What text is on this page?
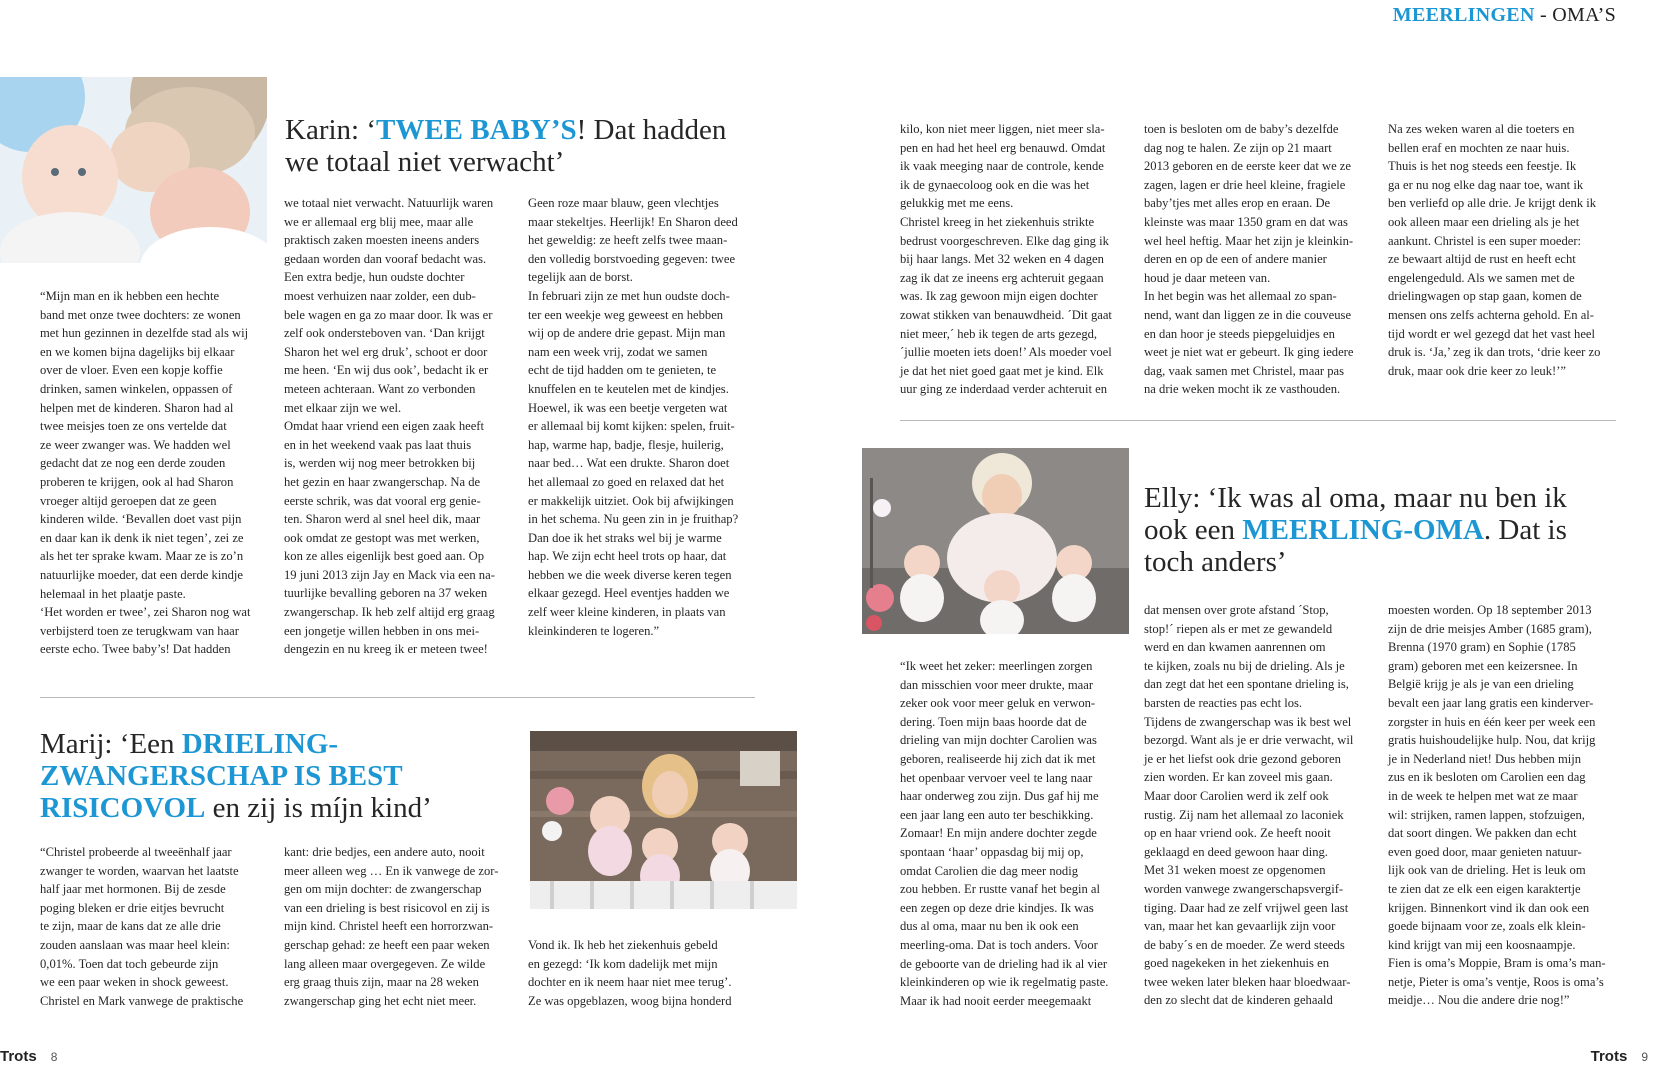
MEERLINGEN - OMA’S
Karin: ‘TWEE BABY’S! Dat hadden we totaal niet verwacht’

“Mijn man en ik hebben een hechte
band met onze twee dochters: ze wonen
met hun gezinnen in dezelfde stad als wij
en we komen bijna dagelijks bij elkaar
over de vloer. Even een kopje koffie
drinken, samen winkelen, oppassen of
helpen met de kinderen. Sharon had al
twee meisjes toen ze ons vertelde dat
ze weer zwanger was. We hadden wel
gedacht dat ze nog een derde zouden
proberen te krijgen, ook al had Sharon
vroeger altijd geroepen dat ze geen
kinderen wilde. ‘Bevallen doet vast pijn
en daar kan ik denk ik niet tegen’, zei ze
als het ter sprake kwam. Maar ze is zo’n
natuurlijke moeder, dat een derde kindje
helemaal in het plaatje paste.
‘Het worden er twee’, zei Sharon nog wat
verbijsterd toen ze terugkwam van haar
eerste echo. Twee baby’s! Dat hadden

we totaal niet verwacht. Natuurlijk waren
we er allemaal erg blij mee, maar alle
praktisch zaken moesten ineens anders
gedaan worden dan vooraf bedacht was.
Een extra bedje, hun oudste dochter
moest verhuizen naar zolder, een dub-
bele wagen en ga zo maar door. Ik was er
zelf ook ondersteboven van. ‘Dan krijgt
Sharon het wel erg druk’, schoot er door
me heen. ‘En wij dus ook’, bedacht ik er
meteen achteraan. Want zo verbonden
met elkaar zijn we wel.
Omdat haar vriend een eigen zaak heeft
en in het weekend vaak pas laat thuis
is, werden wij nog meer betrokken bij
het gezin en haar zwangerschap. Na de
eerste schrik, was dat vooral erg genie-
ten. Sharon werd al snel heel dik, maar
ook omdat ze gestopt was met werken,
kon ze alles eigenlijk best goed aan. Op
19 juni 2013 zijn Jay en Mack via een na-
tuurlijke bevalling geboren na 37 weken
zwangerschap. Ik heb zelf altijd erg graag
een jongetje willen hebben in ons mei-
dengezin en nu kreeg ik er meteen twee!

Geen roze maar blauw, geen vlechtjes
maar stekeltjes. Heerlijk! En Sharon deed
het geweldig: ze heeft zelfs twee maan-
den volledig borstvoeding gegeven: twee
tegelijk aan de borst.
In februari zijn ze met hun oudste doch-
ter een weekje weg geweest en hebben
wij op de andere drie gepast. Mijn man
nam een week vrij, zodat we samen
echt de tijd hadden om te genieten, te
knuffelen en te keutelen met de kindjes.
Hoewel, ik was een beetje vergeten wat
er allemaal bij komt kijken: spelen, fruit-
hap, warme hap, badje, flesje, huilerig,
naar bed… Wat een drukte. Sharon doet
het allemaal zo goed en relaxed dat het
er makkelijk uitziet. Ook bij afwijkingen
in het schema. Nu geen zin in je fruithap?
Dan doe ik het straks wel bij je warme
hap. We zijn echt heel trots op haar, dat
hebben we die week diverse keren tegen
elkaar gezegd. Heel eventjes hadden we
zelf weer kleine kinderen, in plaats van
kleinkinderen te logeren.”

Marij: ‘Een DRIELING-ZWANGERSCHAP IS BEST RISICOVOL en zij is míjn kind’

“Christel probeerde al tweeënhalf jaar
zwanger te worden, waarvan het laatste
half jaar met hormonen. Bij de zesde
poging bleken er drie eitjes bevrucht
te zijn, maar de kans dat ze alle drie
zouden aanslaan was maar heel klein:
0,01%. Toen dat toch gebeurde zijn
we een paar weken in shock geweest.
Christel en Mark vanwege de praktische

kant: drie bedjes, een andere auto, nooit
meer alleen weg … En ik vanwege de zor-
gen om mijn dochter: de zwangerschap
van een drieling is best risicovol en zij is
mijn kind. Christel heeft een horrorzwan-
gerschap gehad: ze heeft een paar weken
lang alleen maar overgegeven. Ze wilde
erg graag thuis zijn, maar na 28 weken
zwangerschap ging het echt niet meer.

Vond ik. Ik heb het ziekenhuis gebeld
en gezegd: ‘Ik kom dadelijk met mijn
dochter en ik neem haar niet mee terug’.
Ze was opgeblazen, woog bijna honderd

kilo, kon niet meer liggen, niet meer sla-
pen en had het heel erg benauwd. Omdat
ik vaak meeging naar de controle, kende
ik de gynaecoloog ook en die was het
gelukkig met me eens.
Christel kreeg in het ziekenhuis strikte
bedrust voorgeschreven. Elke dag ging ik
bij haar langs. Met 32 weken en 4 dagen
zag ik dat ze ineens erg achteruit gegaan
was. Ik zag gewoon mijn eigen dochter
zowat stikken van benauwdheid. ´Dit gaat
niet meer,´ heb ik tegen de arts gezegd,
´jullie moeten iets doen!’ Als moeder voel
je dat het niet goed gaat met je kind. Elk
uur ging ze inderdaad verder achteruit en

toen is besloten om de baby’s dezelfde
dag nog te halen. Ze zijn op 21 maart
2013 geboren en de eerste keer dat we ze
zagen, lagen er drie heel kleine, fragiele
baby’tjes met alles erop en eraan. De
kleinste was maar 1350 gram en dat was
wel heel heftig. Maar het zijn je kleinkin-
deren en op de een of andere manier
houd je daar meteen van.
In het begin was het allemaal zo span-
nend, want dan liggen ze in die couveuse
en dan hoor je steeds piepgeluidjes en
weet je niet wat er gebeurt. Ik ging iedere
dag, vaak samen met Christel, maar pas
na drie weken mocht ik ze vasthouden.

Na zes weken waren al die toeters en
bellen eraf en mochten ze naar huis.
Thuis is het nog steeds een feestje. Ik
ga er nu nog elke dag naar toe, want ik
ben verliefd op alle drie. Je krijgt denk ik
ook alleen maar een drieling als je het
aankunt. Christel is een super moeder:
ze bewaart altijd de rust en heeft echt
engelengeduld. Als we samen met de
drielingwagen op stap gaan, komen de
mensen ons zelfs achterna gehold. En al-
tijd wordt er wel gezegd dat het vast heel
druk is. ‘Ja,’ zeg ik dan trots, ‘drie keer zo
druk, maar ook drie keer zo leuk!’”

Elly: ‘Ik was al oma, maar nu ben ik ook een MEERLING-OMA. Dat is toch anders’

“Ik weet het zeker: meerlingen zorgen
dan misschien voor meer drukte, maar
zeker ook voor meer geluk en verwon-
dering. Toen mijn baas hoorde dat de
drieling van mijn dochter Carolien was
geboren, realiseerde hij zich dat ik met
het openbaar vervoer veel te lang naar
haar onderweg zou zijn. Dus gaf hij me
een jaar lang een auto ter beschikking.
Zomaar! En mijn andere dochter zegde
spontaan ‘haar’ oppasdag bij mij op,
omdat Carolien die dag meer nodig
zou hebben. Er rustte vanaf het begin al
een zegen op deze drie kindjes. Ik was
dus al oma, maar nu ben ik ook een
meerling-oma. Dat is toch anders. Voor
de geboorte van de drieling had ik al vier
kleinkinderen op wie ik regelmatig paste.
Maar ik had nooit eerder meegemaakt

dat mensen over grote afstand ´Stop,
stop!´ riepen als er met ze gewandeld
werd en dan kwamen aanrennen om
te kijken, zoals nu bij de drieling. Als je
dan zegt dat het een spontane drieling is,
barsten de reacties pas echt los.
Tijdens de zwangerschap was ik best wel
bezorgd. Want als je er drie verwacht, wil
je er het liefst ook drie gezond geboren
zien worden. Er kan zoveel mis gaan.
Maar door Carolien werd ik zelf ook
rustig. Zij nam het allemaal zo laconiek
op en haar vriend ook. Ze heeft nooit
geklaagd en deed gewoon haar ding.
Met 31 weken moest ze opgenomen
worden vanwege zwangerschapsvergif-
tiging. Daar had ze zelf vrijwel geen last
van, maar het kan gevaarlijk zijn voor
de baby´s en de moeder. Ze werd steeds
goed nagekeken in het ziekenhuis en
twee weken later bleken haar bloedwaar-
den zo slecht dat de kinderen gehaald

moesten worden. Op 18 september 2013
zijn de drie meisjes Amber (1685 gram),
Brenna (1970 gram) en Sophie (1785
gram) geboren met een keizersnee. In
België krijg je als je van een drieling
bevalt een jaar lang gratis een kinderver-
zorgster in huis en één keer per week een
gratis huishoudelijke hulp. Nou, dat krijg
je in Nederland niet! Dus hebben mijn
zus en ik besloten om Carolien een dag
in de week te helpen met wat ze maar
wil: strijken, ramen lappen, stofzuigen,
dat soort dingen. We pakken dan echt
even goed door, maar genieten natuur-
lijk ook van de drieling. Het is leuk om
te zien dat ze elk een eigen karaktertje
krijgen. Binnenkort vind ik dan ook een
goede bijnaam voor ze, zoals elk klein-
kind krijgt van mij een koosnaampje.
Fien is oma’s Moppie, Bram is oma’s man-
netje, Pieter is oma’s ventje, Roos is oma’s
meidje… Nou die andere drie nog!”

Trots 8	Trots 9
